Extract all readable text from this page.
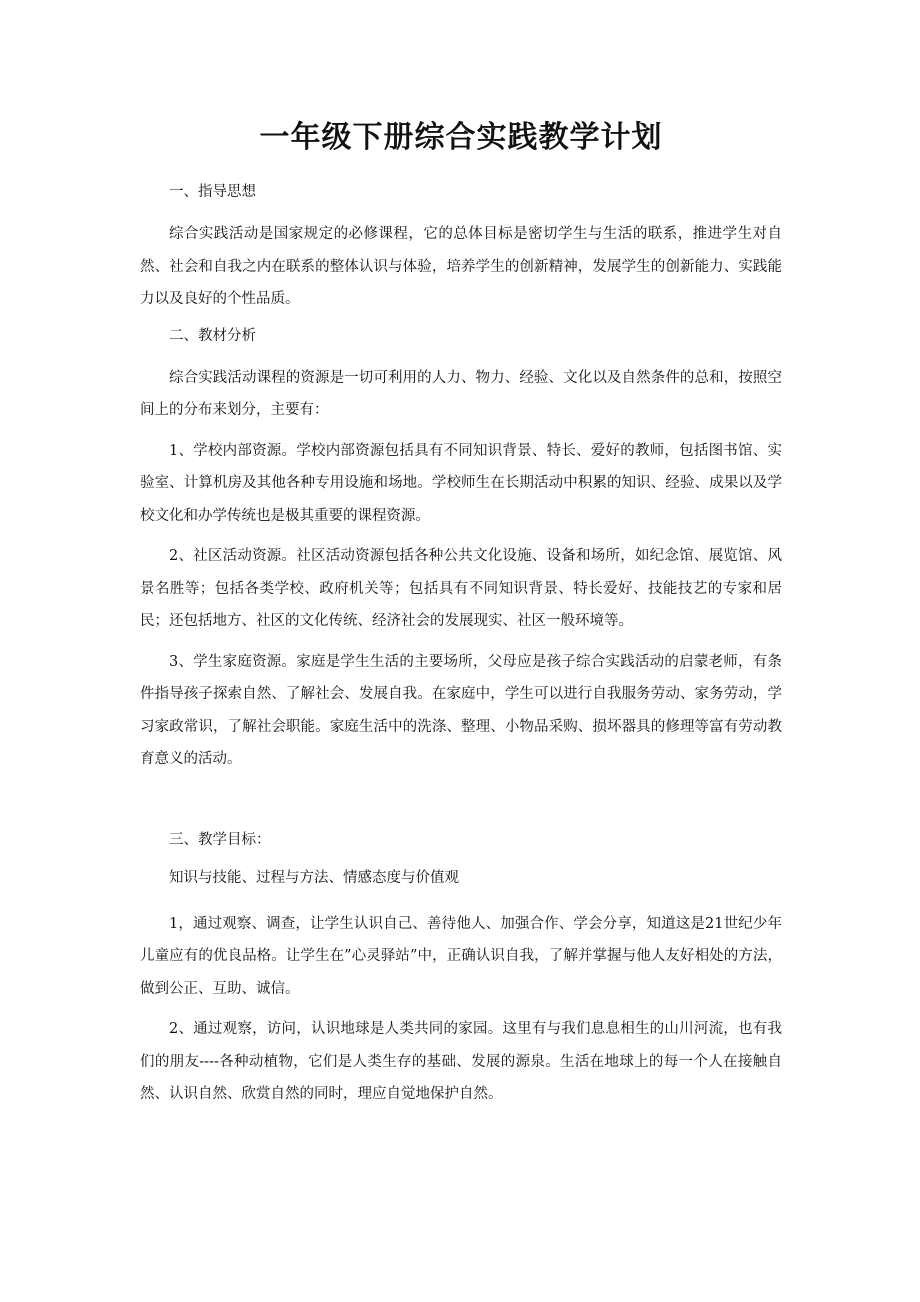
一年级下册综合实践教学计划
一、指导思想

综合实践活动是国家规定的必修课程，它的总体目标是密切学生与生活的联系，推进学生对自然、社会和自我之内在联系的整体认识与体验，培养学生的创新精神，发展学生的创新能力、实践能力以及良好的个性品质。

二、教材分析

综合实践活动课程的资源是一切可利用的人力、物力、经验、文化以及自然条件的总和，按照空间上的分布来划分，主要有：

1、学校内部资源。学校内部资源包括具有不同知识背景、特长、爱好的教师，包括图书馆、实验室、计算机房及其他各种专用设施和场地。学校师生在长期活动中积累的知识、经验、成果以及学校文化和办学传统也是极其重要的课程资源。

2、社区活动资源。社区活动资源包括各种公共文化设施、设备和场所，如纪念馆、展览馆、风景名胜等；包括各类学校、政府机关等；包括具有不同知识背景、特长爱好、技能技艺的专家和居民；还包括地方、社区的文化传统、经济社会的发展现实、社区一般环境等。

3、学生家庭资源。家庭是学生生活的主要场所，父母应是孩子综合实践活动的启蒙老师，有条件指导孩子探索自然、了解社会、发展自我。在家庭中，学生可以进行自我服务劳动、家务劳动，学习家政常识，了解社会职能。家庭生活中的洗涤、整理、小物品采购、损坏器具的修理等富有劳动教育意义的活动。

三、教学目标：
知识与技能、过程与方法、情感态度与价值观

1，通过观察、调查，让学生认识自己、善待他人、加强合作、学会分享，知道这是21世纪少年儿童应有的优良品格。让学生在”心灵驿站”中，正确认识自我，了解并掌握与他人友好相处的方法，做到公正、互助、诚信。

2、通过观察，访问，认识地球是人类共同的家园。这里有与我们息息相生的山川河流，也有我们的朋友----各种动植物，它们是人类生存的基础、发展的源泉。生活在地球上的每一个人在接触自然、认识自然、欣赏自然的同时，理应自觉地保护自然。
